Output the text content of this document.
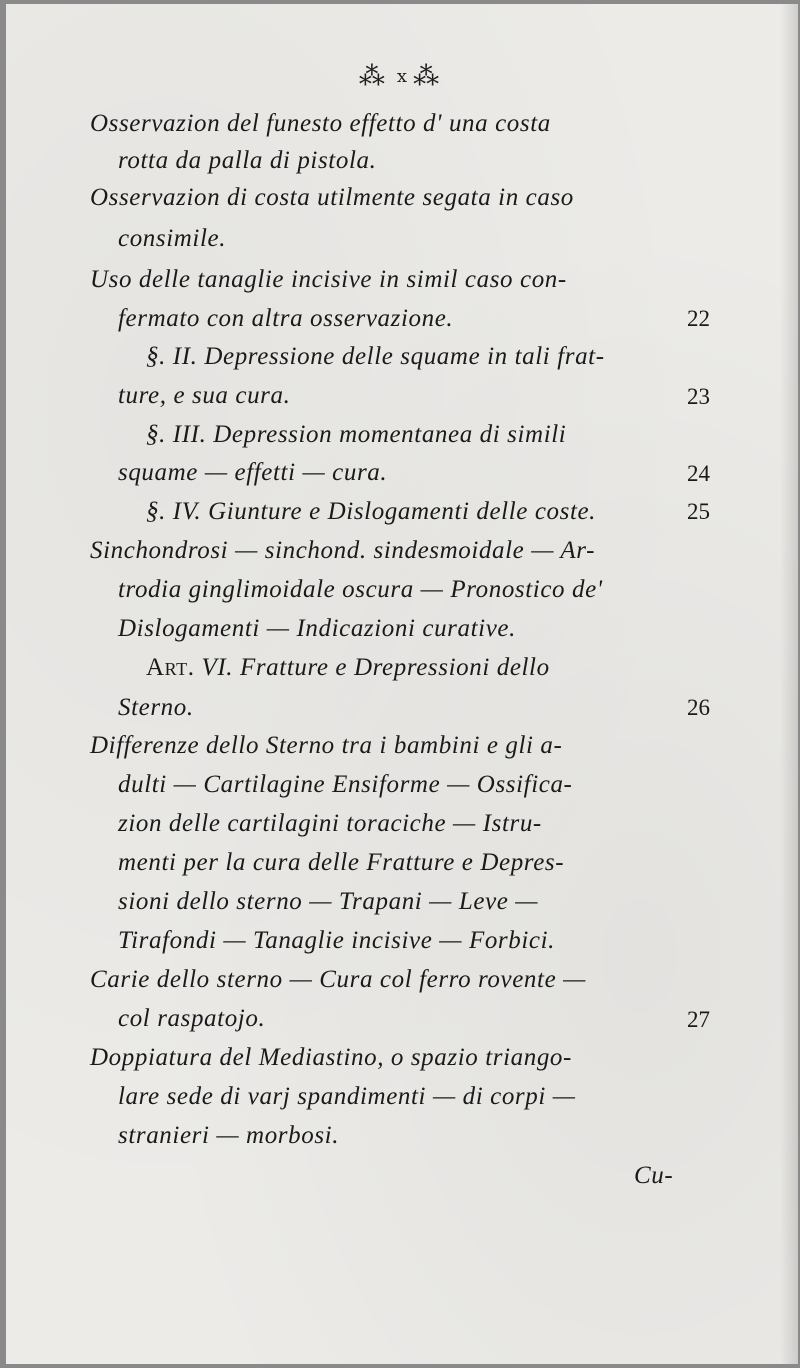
⁂ x ⁂
Osservazion del funesto effetto d' una costa
rotta da palla di pistola.
Osservazion di costa utilmente segata in caso
consimile.
Uso delle tanaglie incisive in simil caso con-
fermato con altra osservazione.
§. II. Depressione delle squame in tali frat-
ture, e sua cura.
§. III. Depression momentanea di simili
squame — effetti — cura.
§. IV. Giunture e Dislogamenti delle coste.
Sinchondrosi — sinchond. sindesmoidale — Ar-
trodia ginglimoidale oscura — Pronostico de'
Dislogamenti — Indicazioni curative.
Art. VI. Fratture e Drepressioni dello
Sterno.
Differenze dello Sterno tra i bambini e gli a-
dulti — Cartilagine Ensiforme — Ossifica-
zion delle cartilagini toraciche — Istru-
menti per la cura delle Fratture e Depres-
sioni dello sterno — Trapani — Leve —
Tirafondi — Tanaglie incisive — Forbici.
Carie dello sterno — Cura col ferro rovente —
col raspatojo.
Doppiatura del Mediastino, o spazio triango-
lare sede di varj spandimenti — di corpi —
stranieri — morbosi.
22
23
24
25
26
27
Cu-
